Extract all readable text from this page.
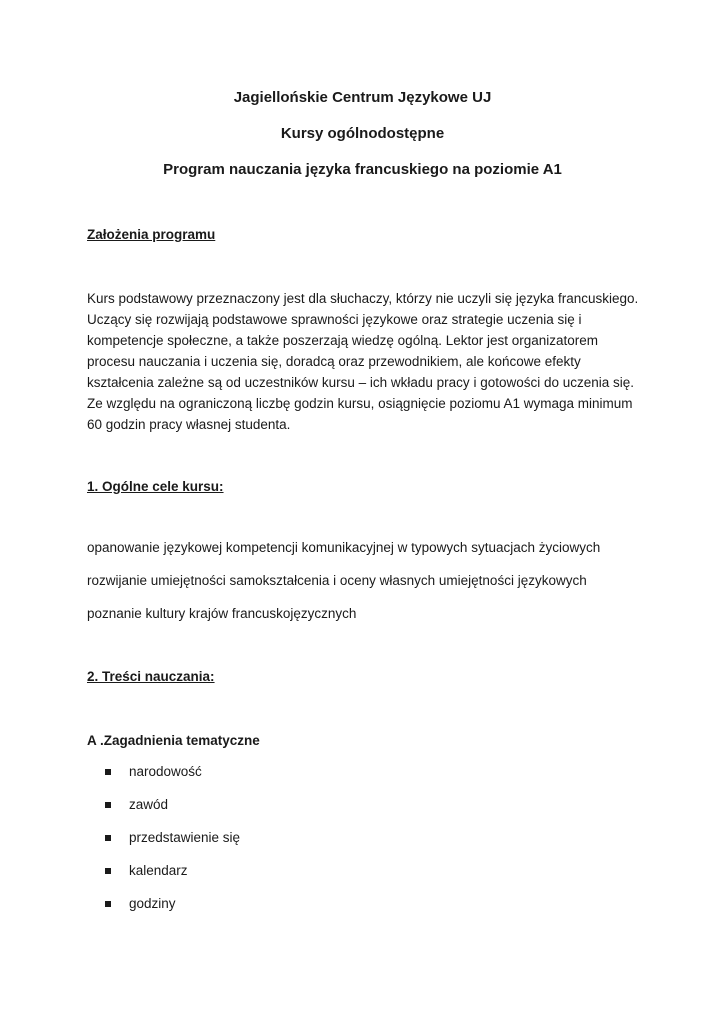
Jagiellońskie Centrum Językowe UJ
Kursy ogólnodostępne
Program nauczania języka francuskiego na poziomie A1
Założenia programu

Kurs podstawowy przeznaczony jest dla słuchaczy, którzy nie uczyli się języka francuskiego. Uczący się rozwijają podstawowe sprawności językowe oraz strategie uczenia się i kompetencje społeczne, a także poszerzają wiedzę ogólną. Lektor jest organizatorem procesu nauczania i uczenia się, doradcą oraz przewodnikiem, ale końcowe efekty kształcenia zależne są od uczestników kursu – ich wkładu pracy i gotowości do uczenia się. Ze względu na ograniczoną liczbę godzin kursu, osiągnięcie poziomu A1 wymaga minimum 60 godzin pracy własnej studenta.

1. Ogólne cele kursu:

opanowanie językowej kompetencji komunikacyjnej w typowych sytuacjach życiowych

rozwijanie umiejętności samokształcenia i oceny własnych umiejętności językowych

poznanie kultury krajów francuskojęzycznych

2. Treści nauczania:
A .Zagadnienia tematyczne
narodowość
zawód
przedstawienie się
kalendarz
godziny
